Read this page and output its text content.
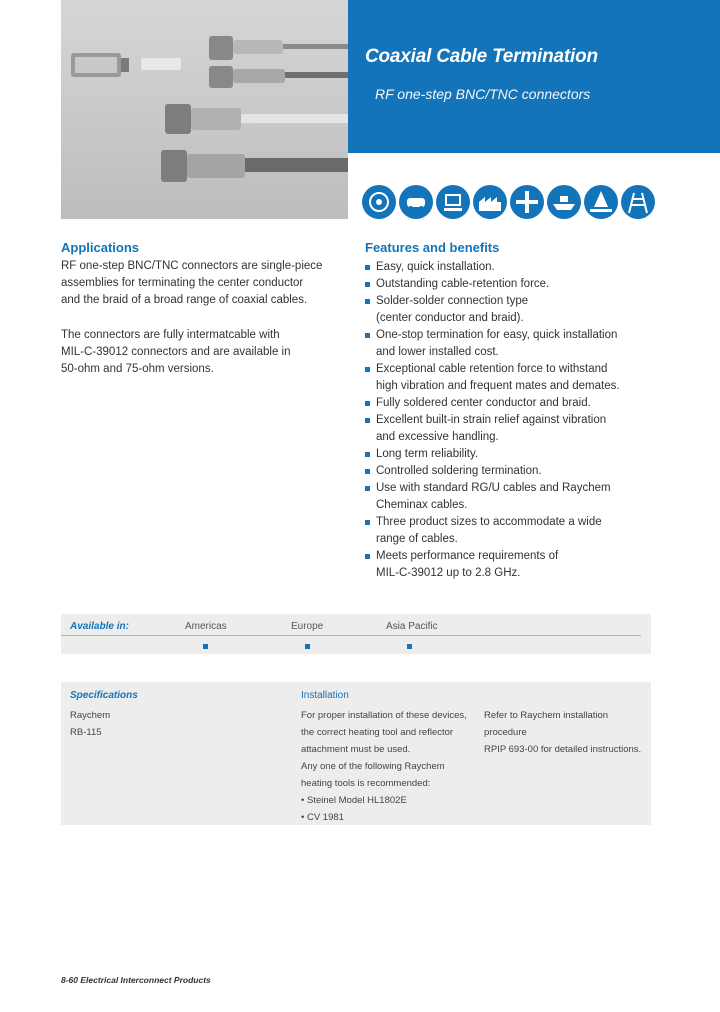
Coaxial Cable Termination
RF one-step BNC/TNC connectors
Applications
RF one-step BNC/TNC connectors are single-piece
assemblies for terminating the center conductor
and the braid of a broad range of coaxial cables.
The connectors are fully intermatcable with
MIL-C-39012 connectors and are available in
50-ohm and 75-ohm versions.
Features and benefits
Easy, quick installation.
Outstanding cable-retention force.
Solder-solder connection type
(center conductor and braid).
One-stop termination for easy, quick installation
and lower installed cost.
Exceptional cable retention force to withstand
high vibration and frequent mates and demates.
Fully soldered center conductor and braid.
Excellent built-in strain relief against vibration
and excessive handling.
Long term reliability.
Controlled soldering termination.
Use with standard RG/U cables and Raychem
Cheminax cables.
Three product sizes to accommodate a wide
range of cables.
Meets performance requirements of
MIL-C-39012 up to 2.8 GHz.
Available in:	Americas	Europe	Asia Pacific
Specifications
Raychem
RB-115
Installation
For proper installation of these devices,
the correct heating tool and reflector
attachment must be used.
Any one of the following Raychem
heating tools is recommended:
• Steinel Model HL1802E
• CV 1981
Refer to Raychem installation procedure
RPIP 693-00 for detailed instructions.
8-60 Electrical Interconnect Products
